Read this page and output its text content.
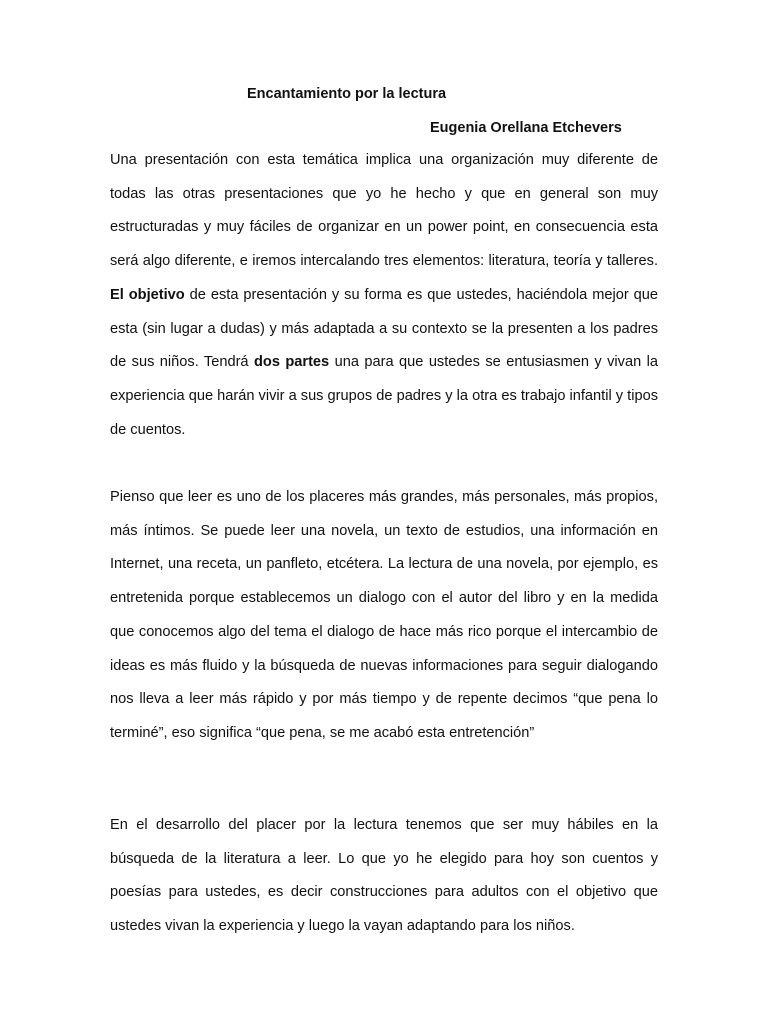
Encantamiento por la lectura

Eugenia Orellana Etchevers

Una presentación con esta temática implica una organización muy diferente de todas las otras presentaciones que yo he hecho y que en general son muy estructuradas y muy fáciles de organizar en un power point, en consecuencia esta será algo diferente, e iremos intercalando tres elementos: literatura, teoría y talleres. El objetivo de esta presentación y su forma es que ustedes, haciéndola mejor que esta (sin lugar a dudas) y más adaptada a su contexto se la presenten a los padres de sus niños. Tendrá dos partes una para que ustedes se entusiasmen y vivan la experiencia que harán vivir a sus grupos de padres y la otra es trabajo infantil y tipos de cuentos.

Pienso que leer es uno de los placeres más grandes, más personales, más propios, más íntimos. Se puede leer una novela, un texto de estudios, una información en Internet, una receta, un panfleto, etcétera. La lectura de una novela, por ejemplo, es entretenida porque establecemos un dialogo con el autor del libro y en la medida que conocemos algo del tema el dialogo de hace más rico porque el intercambio de ideas es más fluido y la búsqueda de nuevas informaciones para seguir dialogando nos lleva a leer más rápido y por más tiempo y de repente decimos “que pena lo terminé”, eso significa “que pena, se me acabó esta entretención”

En el desarrollo del placer por la lectura tenemos que ser muy hábiles en la búsqueda de la literatura a leer. Lo que yo he elegido para hoy son cuentos y poesías para ustedes, es decir construcciones para adultos con el objetivo que ustedes vivan la experiencia y luego la vayan adaptando para los niños.
